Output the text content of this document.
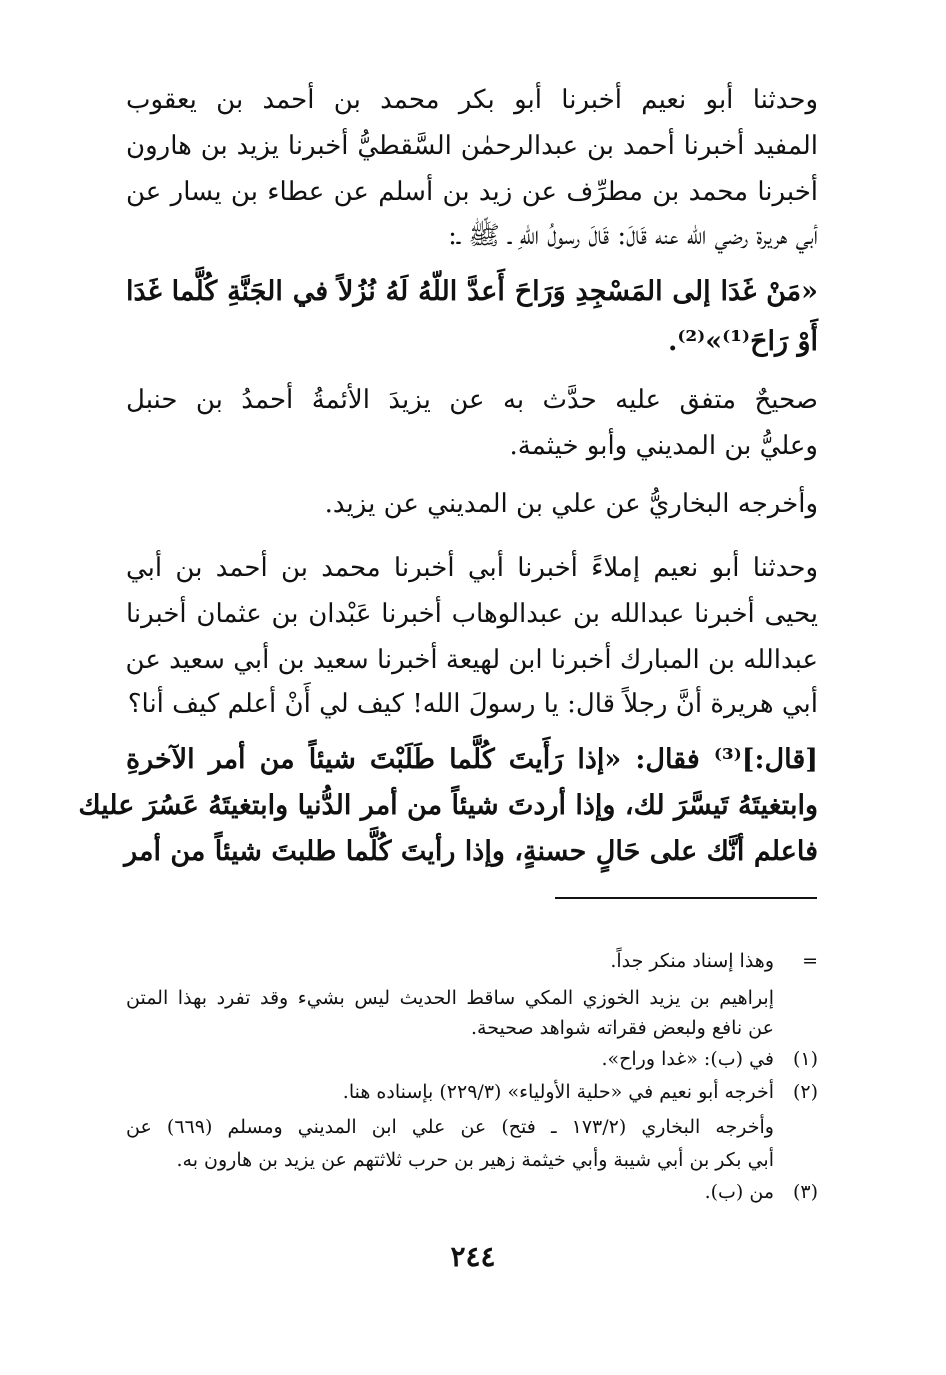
وحدثنا أبو نعيم أخبرنا أبو بكر محمد بن أحمد بن يعقوب
المفيد أخبرنا أحمد بن عبدالرحمٰن السَّقطيُّ أخبرنا يزيد بن هارون
أخبرنا محمد بن مطرِّف عن زيد بن أسلم عن عطاء بن يسار عن
أبي هريرة رضي الله عنه قَالَ: قَالَ رسولُ اللّهِ ـ ﷺ ـ:
«مَنْ غَدَا إلى المَسْجِدِ وَرَاحَ أَعدَّ اللّهُ لَهُ نُزُلاً في الجَنَّةِ كُلَّما غَدَا
أَوْ رَاحَ⁽¹⁾»⁽²⁾.
صحيحٌ متفق عليه حدَّث به عن يزيدَ الأئمةُ أحمدُ بن حنبل
وعليُّ بن المديني وأبو خيثمة.
وأخرجه البخاريُّ عن علي بن المديني عن يزيد.
وحدثنا أبو نعيم إملاءً أخبرنا أبي أخبرنا محمد بن أحمد بن أبي
يحيى أخبرنا عبدالله بن عبدالوهاب أخبرنا عَبْدان بن عثمان أخبرنا
عبدالله بن المبارك أخبرنا ابن لهيعة أخبرنا سعيد بن أبي سعيد عن
أبي هريرة أنَّ رجلاً قال: يا رسولَ الله! كيف لي أَنْ أعلم كيف أنا؟
[قال:]⁽³⁾ فقال: «إذا رَأَيتَ كُلَّما طَلَبْتَ شيئاً من أمر الآخرةِ
وابتغيتَهُ تَيسَّرَ لك، وإذا أردتَ شيئاً من أمر الدُّنيا وابتغيتَهُ عَسُرَ عليك
فاعلم أنَّك على حَالٍ حسنةٍ، وإذا رأيتَ كُلَّما طلبتَ شيئاً من أمر
=
وهذا إسناد منكر جداً.
إبراهيم بن يزيد الخوزي المكي ساقط الحديث ليس بشيء وقد تفرد بهذا المتن
عن نافع ولبعض فقراته شواهد صحيحة.
(١)
في (ب): «غدا وراح».
(٢)
أخرجه أبو نعيم في «حلية الأولياء» (٢٢٩/٣) بإسناده هنا.
وأخرجه البخاري (١٧٣/٢ ـ فتح) عن علي ابن المديني ومسلم (٦٦٩) عن
أبي بكر بن أبي شيبة وأبي خيثمة زهير بن حرب ثلاثتهم عن يزيد بن هارون به.
(٣)
من (ب).
٢٤٤
